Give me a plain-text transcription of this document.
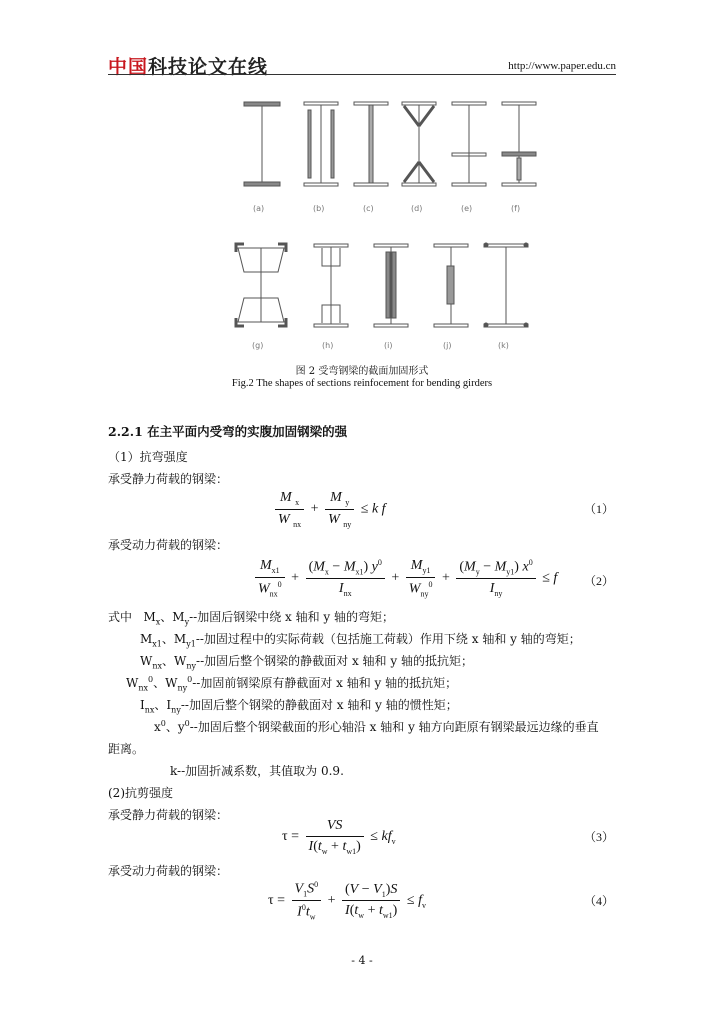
中国科技论文在线	http://www.paper.edu.cn
(a)	(b)	(c)	(d)	(e)	(f)
(g)	(h)	(i)	(j)	(k)
图 2 受弯钢梁的截面加固形式
Fig.2 The shapes of sections reinfocement for bending girders
2.2.1 在主平面内受弯的实腹加固钢梁的强
（1）抗弯强度
承受静力荷载的钢梁：
$\frac{M _x}{W _{nx}} + \frac{M _y}{W _{ny}} \le k$ f	（1）
承受动力荷载的钢梁：
$\frac{M_{x1}}{W_{nx}^0} + \frac{(M_x - M_{x1}) y^0}{I_{nx}} + \frac{M_{y1}}{W_{ny}^0} + \frac{(M_y - M_{y1}) x^0}{I_{ny}} \le f$ （2）
式中   $M_x$、$M_y--$加固后钢梁中绕 x 轴和 y 轴的弯矩；
$M_{x1}$、$M_{y1}--$加固过程中的实际荷载（包括施工荷载）作用下绕 x 轴和 y 轴的弯矩；
$W_{nx}$、$W_{ny}--$加固后整个钢梁的静截面对 x 轴和 y 轴的抵抗矩；
$W_{nx}^0$、$W_{ny}^0--$加固前钢梁原有静截面对 x 轴和 y 轴的抵抗矩；
$I_{nx}$、$I_{ny}--$加固后整个钢梁的静截面对 x 轴和 y 轴的惯性矩；
$x^0$、$y^0--$加固后整个钢梁截面的形心轴沿 x 轴和 y 轴方向距原有钢梁最远边缘的垂直
距离。
k--加固折减系数，其值取为 0.9.
(2)抗剪强度
承受静力荷载的钢梁：
$\tau = \frac{VS}{I(t_w + t_{w1})} \le kf_v$	（3）
承受动力荷载的钢梁：
$\tau = \frac{V_1S^0}{I^0t_w} + \frac{(V - V_1)S}{I(t_w + t_{w1})} \le f_v$	（4）
- 4 -
